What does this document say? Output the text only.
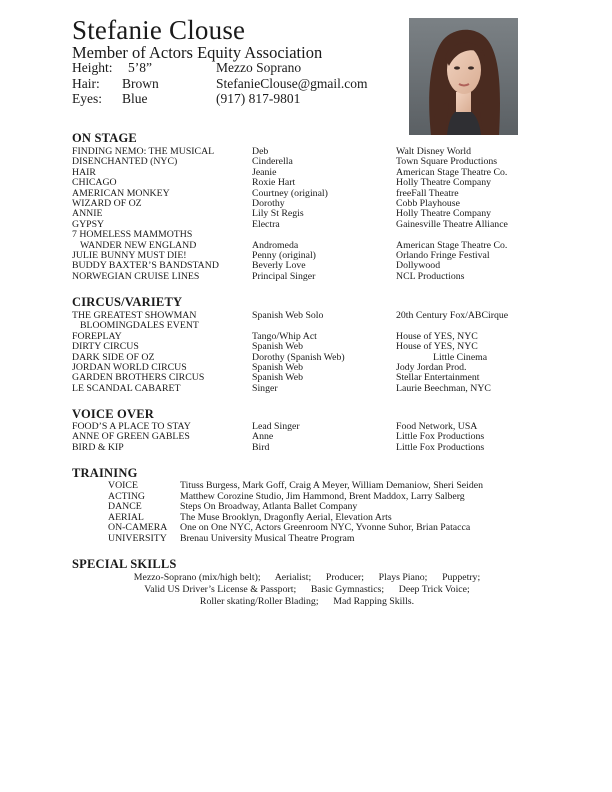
Stefanie Clouse
Member of Actors Equity Association
Height:	5’8”	Mezzo Soprano
Hair:	Brown	StefanieClouse@gmail.com
Eyes:	Blue	(917) 817-9801
ON STAGE
FINDING NEMO: THE MUSICAL	Deb	Walt Disney World
DISENCHANTED (NYC)	Cinderella	Town Square Productions
HAIR	Jeanie	American Stage Theatre Co.
CHICAGO	Roxie Hart	Holly Theatre Company
AMERICAN MONKEY	Courtney (original)	freeFall Theatre
WIZARD OF OZ	Dorothy	Cobb Playhouse
ANNIE	Lily St Regis	Holly Theatre Company
GYPSY	Electra	Gainesville Theatre Alliance
7 HOMELESS MAMMOTHS
WANDER NEW ENGLAND	Andromeda	American Stage Theatre Co.
JULIE BUNNY MUST DIE!	Penny (original)	Orlando Fringe Festival
BUDDY BAXTER’S BANDSTAND	Beverly Love	Dollywood
NORWEGIAN CRUISE LINES	Principal Singer	NCL Productions
CIRCUS/VARIETY
THE GREATEST SHOWMAN	Spanish Web Solo	20th Century Fox/ABCirque
BLOOMINGDALES EVENT
FOREPLAY	Tango/Whip Act	House of YES, NYC
DIRTY CIRCUS	Spanish Web	House of YES, NYC
DARK SIDE OF OZ	Dorothy (Spanish Web)	Little Cinema
JORDAN WORLD CIRCUS	Spanish Web	Jody Jordan Prod.
GARDEN BROTHERS CIRCUS	Spanish Web	Stellar Entertainment
LE SCANDAL CABARET	Singer	Laurie Beechman, NYC
VOICE OVER
FOOD’S A PLACE TO STAY	Lead Singer	Food Network, USA
ANNE OF GREEN GABLES	Anne	Little Fox Productions
BIRD & KIP	Bird	Little Fox Productions
TRAINING
VOICE	Tituss Burgess, Mark Goff, Craig A Meyer, William Demaniow, Sheri Seiden
ACTING	Matthew Corozine Studio, Jim Hammond, Brent Maddox, Larry Salberg
DANCE	Steps On Broadway, Atlanta Ballet Company
AERIAL	The Muse Brooklyn, Dragonfly Aerial, Elevation Arts
ON-CAMERA	One on One NYC, Actors Greenroom NYC, Yvonne Suhor, Brian Patacca
UNIVERSITY	Brenau University Musical Theatre Program
SPECIAL SKILLS
Mezzo-Soprano (mix/high belt);      Aerialist;      Producer;      Plays Piano;      Puppetry;
Valid US Driver’s License & Passport;      Basic Gymnastics;      Deep Trick Voice;
Roller skating/Roller Blading;      Mad Rapping Skills.
